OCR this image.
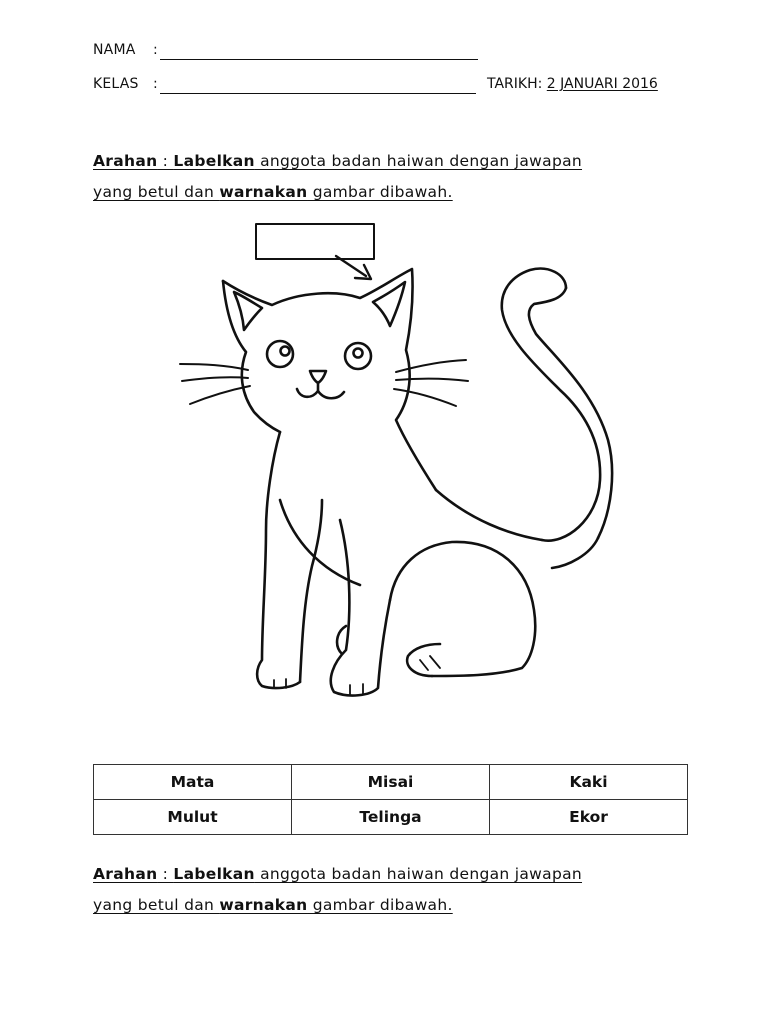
NAMA :
KELAS :	TARIKH: 2 JANUARI 2016
Arahan : Labelkan anggota badan haiwan dengan jawapan
yang betul dan warnakan gambar dibawah.
Mata	Misai	Kaki
Mulut	Telinga	Ekor
Arahan : Labelkan anggota badan haiwan dengan jawapan
yang betul dan warnakan gambar dibawah.
